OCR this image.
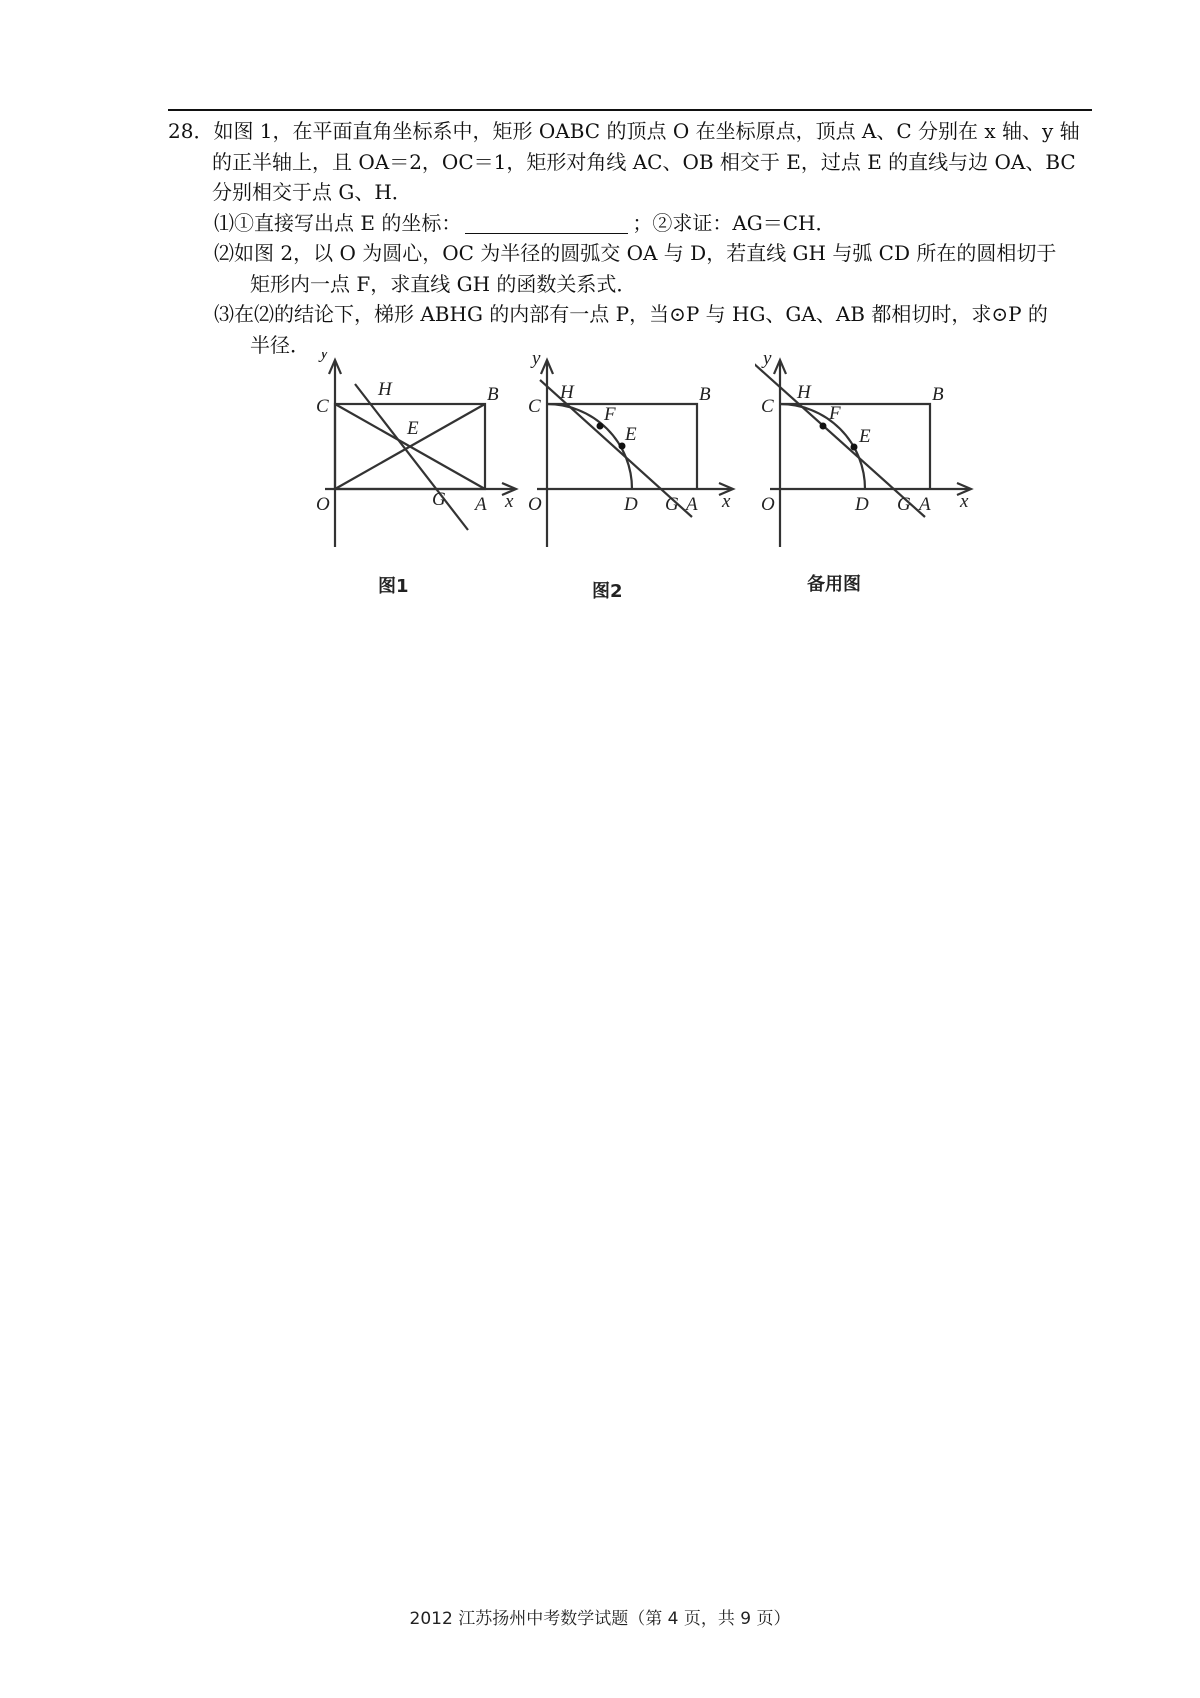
28．如图 1，在平面直角坐标系中，矩形 OABC 的顶点 O 在坐标原点，顶点 A、C 分别在 x 轴、y 轴
的正半轴上，且 OA＝2，OC＝1，矩形对角线 AC、OB 相交于 E，过点 E 的直线与边 OA、BC
分别相交于点 G、H．
⑴①直接写出点 E 的坐标：	；②求证：AG＝CH．
⑵如图 2，以 O 为圆心，OC 为半径的圆弧交 OA 与 D，若直线 GH 与弧 CD 所在的圆相切于
矩形内一点 F，求直线 GH 的函数关系式．
⑶在⑵的结论下，梯形 ABHG 的内部有一点 P，当⊙P 与 HG、GA、AB 都相切时，求⊙P 的
半径． y
x
O	A
B
C
E
G
H
图1
y
x
O	A
B
C
D
E
F
G
H
图2
y
x
O	A
B
C
D
E
F
G
H
备用图
2012 江苏扬州中考数学试题（第 4 页，共 9 页）
